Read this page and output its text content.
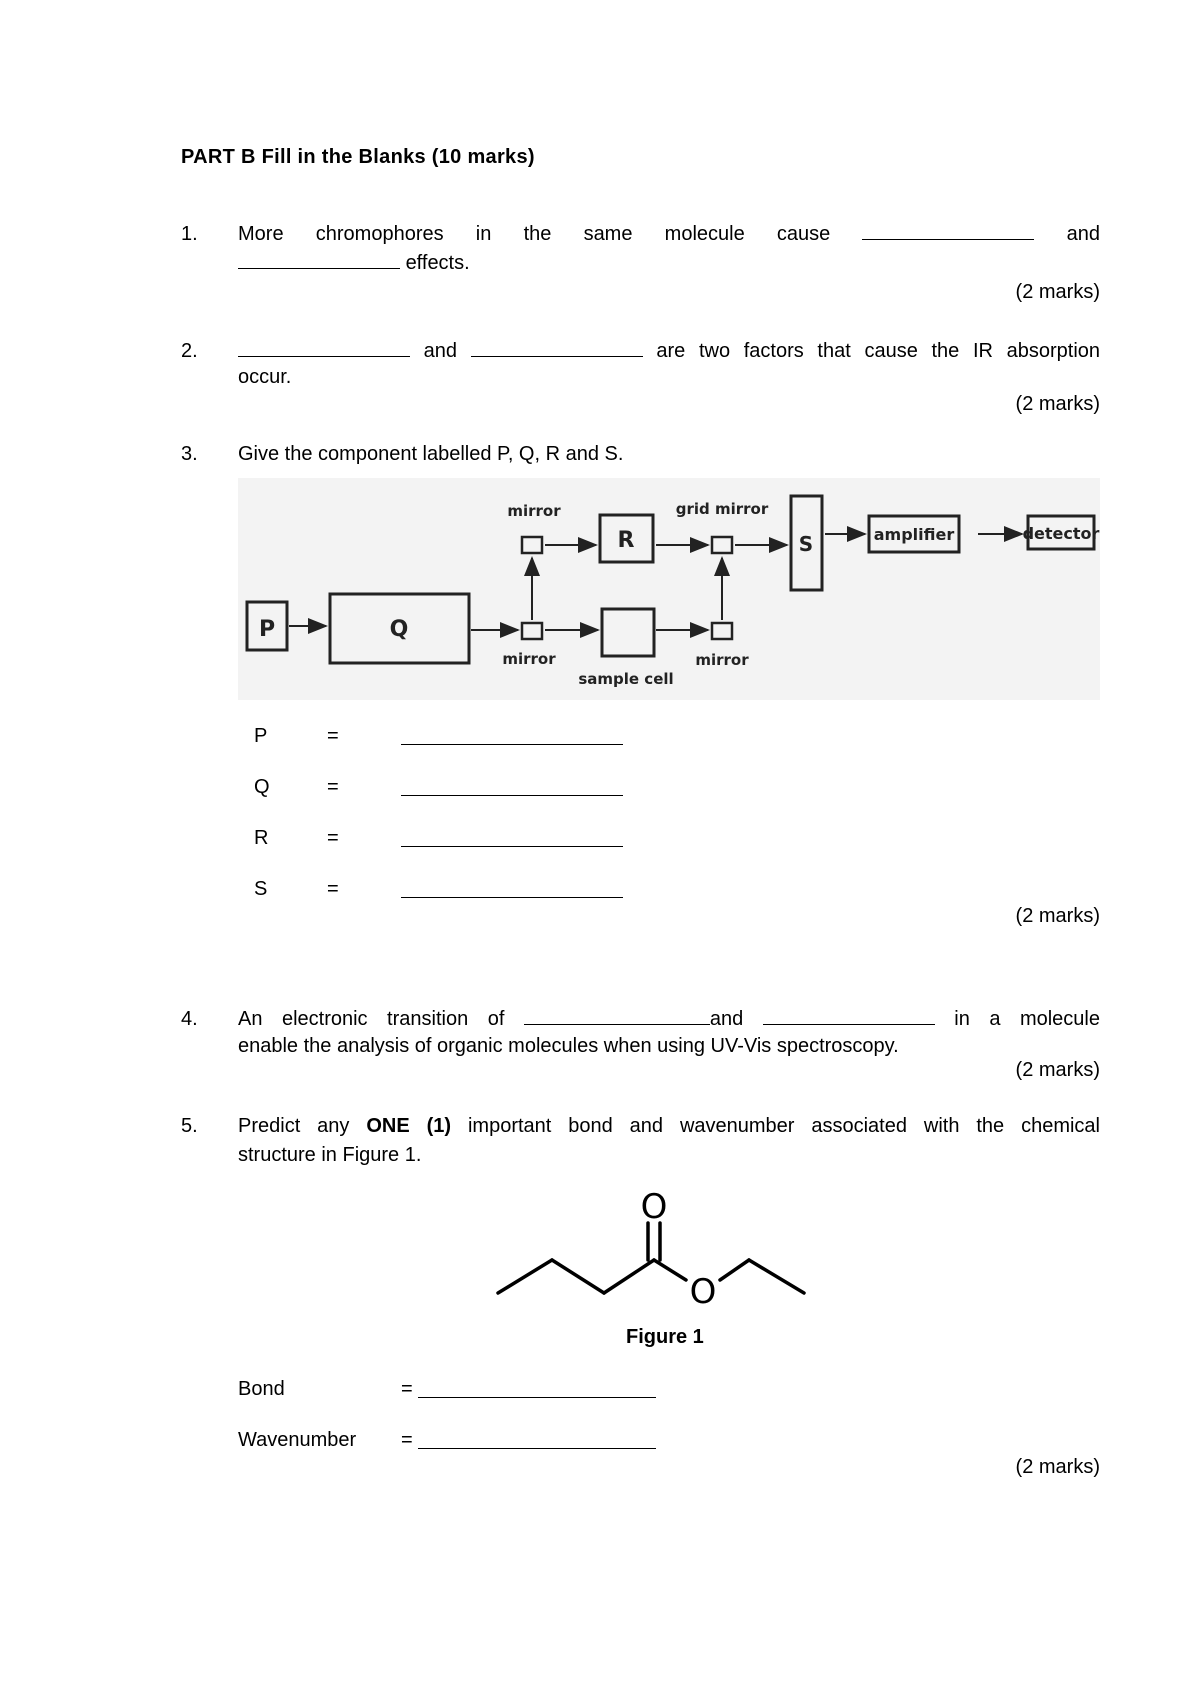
PART B Fill in the Blanks (10 marks)
1. More chromophores in the same molecule cause	and
effects.
(2 marks)
2.	and	are two factors that cause the IR absorption
occur.
(2 marks)
3. Give the component labelled P, Q, R and S.
P	Q
R	S	amplifier	detector
mirror	grid mirror
mirror	mirror
sample cell
P	=
Q	=
R	=
S	=
(2 marks)
4. An electronic transition of	and	in a molecule
enable the analysis of organic molecules when using UV-Vis spectroscopy.
(2 marks)
5. Predict any ONE (1) important bond and wavenumber associated with the chemical
structure in Figure 1.
O
O
Figure 1
Bond	=
Wavenumber =
(2 marks)
